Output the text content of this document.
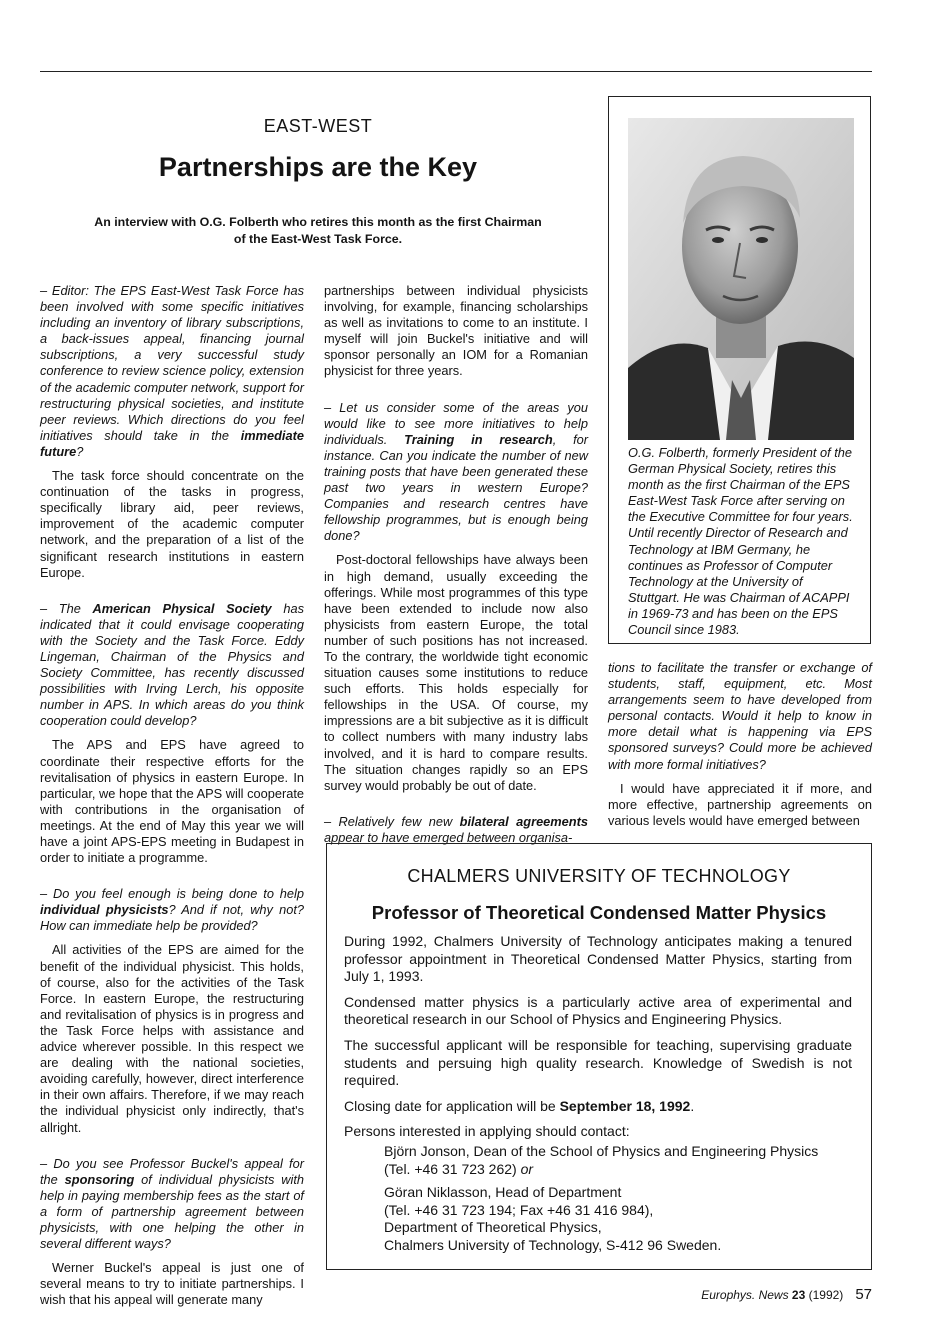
EAST-WEST
Partnerships are the Key
An interview with O.G. Folberth who retires this month as the first Chairman
of the East-West Task Force.

– Editor: The EPS East-West Task Force has been involved with some specific initiatives including an inventory of library subscriptions, a back-issues appeal, financing journal subscriptions, a very successful study conference to review science policy, extension of the academic computer network, support for restructuring physical societies, and institute peer reviews. Which directions do you feel initiatives should take in the immediate future?

The task force should concentrate on the continuation of the tasks in progress, specifically library aid, peer reviews, improvement of the academic computer network, and the preparation of a list of the significant research institutions in eastern Europe.

– The American Physical Society has indicated that it could envisage cooperating with the Society and the Task Force. Eddy Lingeman, Chairman of the Physics and Society Committee, has recently discussed possibilities with Irving Lerch, his opposite number in APS. In which areas do you think cooperation could develop?

The APS and EPS have agreed to coordinate their respective efforts for the revitalisation of physics in eastern Europe. In particular, we hope that the APS will cooperate with contributions in the organisation of meetings. At the end of May this year we will have a joint APS-EPS meeting in Budapest in order to initiate a programme.

– Do you feel enough is being done to help individual physicists? And if not, why not? How can immediate help be provided?

All activities of the EPS are aimed for the benefit of the individual physicist. This holds, of course, also for the activities of the Task Force. In eastern Europe, the restructuring and revitalisation of physics is in progress and the Task Force helps with assistance and advice wherever possible. In this respect we are dealing with the national societies, avoiding carefully, however, direct interference in their own affairs. Therefore, if we may reach the individual physicist only indirectly, that's allright.

– Do you see Professor Buckel's appeal for the sponsoring of individual physicists with help in paying membership fees as the start of a form of partnership agreement between physicists, with one helping the other in several different ways?

Werner Buckel's appeal is just one of several means to try to initiate partnerships. I wish that his appeal will generate many

partnerships between individual physicists involving, for example, financing scholarships as well as invitations to come to an institute. I myself will join Buckel's initiative and will sponsor personally an IOM for a Romanian physicist for three years.

– Let us consider some of the areas you would like to see more initiatives to help individuals. Training in research, for instance. Can you indicate the number of new training posts that have been generated these past two years in western Europe? Companies and research centres have fellowship programmes, but is enough being done?

Post-doctoral fellowships have always been in high demand, usually exceeding the offerings. While most programmes of this type have been extended to include now also physicists from eastern Europe, the total number of such positions has not increased. To the contrary, the worldwide tight economic situation causes some institutions to reduce such efforts. This holds especially for fellowships in the USA. Of course, my impressions are a bit subjective as it is difficult to collect numbers with many industry labs involved, and it is hard to compare results. The situation changes rapidly so an EPS survey would probably be out of date.

– Relatively few new bilateral agreements appear to have emerged between organisa-

O.G. Folberth, formerly President of the German Physical Society, retires this month as the first Chairman of the EPS East-West Task Force after serving on the Executive Committee for four years. Until recently Director of Research and Technology at IBM Germany, he continues as Professor of Computer Technology at the University of Stuttgart. He was Chairman of ACAPPI in 1969-73 and has been on the EPS Council since 1983.

tions to facilitate the transfer or exchange of students, staff, equipment, etc. Most arrangements seem to have developed from personal contacts. Would it help to know in more detail what is happening via EPS sponsored surveys? Could more be achieved with more formal initiatives?

I would have appreciated it if more, and more effective, partnership agreements on various levels would have emerged between

CHALMERS UNIVERSITY OF TECHNOLOGY
Professor of Theoretical Condensed Matter Physics

During 1992, Chalmers University of Technology anticipates making a tenured professor appointment in Theoretical Condensed Matter Physics, starting from July 1, 1993.

Condensed matter physics is a particularly active area of experimental and theoretical research in our School of Physics and Engineering Physics.

The successful applicant will be responsible for teaching, supervising graduate students and persuing high quality research. Knowledge of Swedish is not required.

Closing date for application will be September 18, 1992.

Persons interested in applying should contact:

Björn Jonson, Dean of the School of Physics and Engineering Physics
(Tel. +46 31 723 262) or
Göran Niklasson, Head of Department
(Tel. +46 31 723 194; Fax +46 31 416 984),
Department of Theoretical Physics,
Chalmers University of Technology, S-412 96 Sweden.
Europhys. News 23 (1992) 57
